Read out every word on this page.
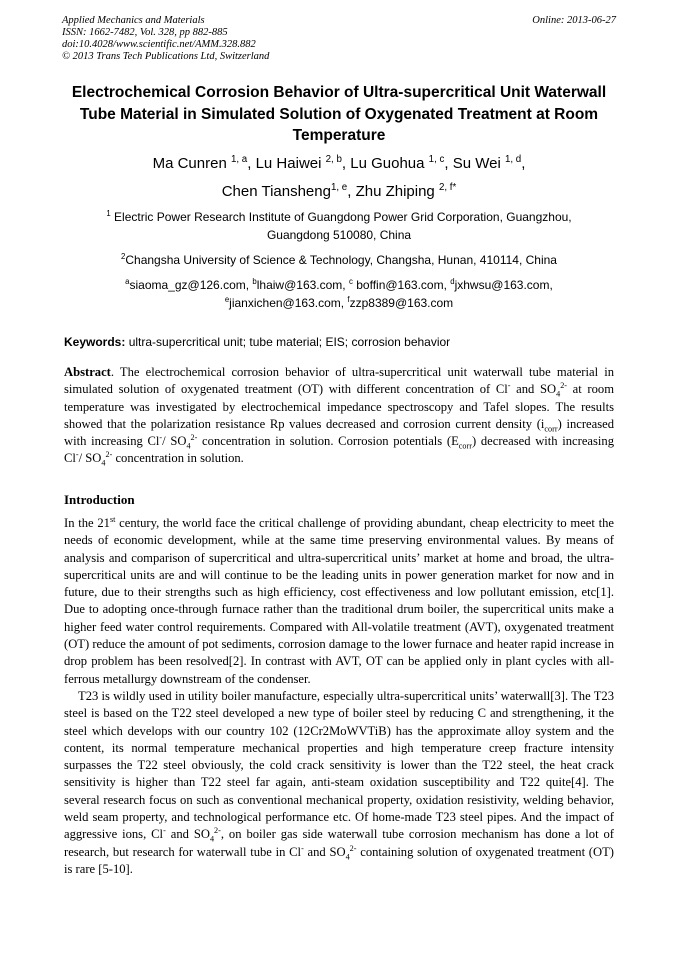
Applied Mechanics and Materials
ISSN: 1662-7482, Vol. 328, pp 882-885
doi:10.4028/www.scientific.net/AMM.328.882
© 2013 Trans Tech Publications Ltd, Switzerland
Online: 2013-06-27
Electrochemical Corrosion Behavior of Ultra-supercritical Unit Waterwall Tube Material in Simulated Solution of Oxygenated Treatment at Room Temperature
Ma Cunren $^{1, a}$, Lu Haiwei $^{2, b}$, Lu Guohua $^{1, c}$, Su Wei $^{1, d}$,
Chen Tiansheng$^{1, e}$, Zhu Zhiping $^{2, f*}$
$^1$ Electric Power Research Institute of Guangdong Power Grid Corporation, Guangzhou,
Guangdong 510080, China
$^2$Changsha University of Science & Technology, Changsha, Hunan, 410114, China
$^a$siaoma_gz@126.com, $^b$lhaiw@163.com, $^c$ boffin@163.com, $^d$jxhwsu@163.com,
$^e$jianxichen@163.com, $^f$zzp8389@163.com
Keywords: ultra-supercritical unit; tube material; EIS; corrosion behavior

Abstract. The electrochemical corrosion behavior of ultra-supercritical unit waterwall tube material in simulated solution of oxygenated treatment (OT) with different concentration of Cl- and $SO_4^{2-}$ at room temperature was investigated by electrochemical impedance spectroscopy and Tafel slopes. The results showed that the polarization resistance Rp values decreased and corrosion current density $(i_{corr})$ increased with increasing Cl-/ $SO_4^{2-}$ concentration in solution. Corrosion potentials $(E_{corr})$ decreased with increasing Cl-/ $SO_4^{2-}$ concentration in solution.

Introduction

In the 21st century, the world face the critical challenge of providing abundant, cheap electricity to meet the needs of economic development, while at the same time preserving environmental values. By means of analysis and comparison of supercritical and ultra-supercritical units’ market at home and broad, the ultra-supercritical units are and will continue to be the leading units in power generation market for now and in future, due to their strengths such as high efficiency, cost effectiveness and low pollutant emission, etc[1]. Due to adopting once-through furnace rather than the traditional drum boiler, the supercritical units make a higher feed water control requirements. Compared with All-volatile treatment (AVT), oxygenated treatment (OT) reduce the amount of pot sediments, corrosion damage to the lower furnace and heater rapid increase in drop problem has been resolved[2]. In contrast with AVT, OT can be applied only in plant cycles with all-ferrous metallurgy downstream of the condenser.

T23 is wildly used in utility boiler manufacture, especially ultra-supercritical units’ waterwall[3]. The T23 steel is based on the T22 steel developed a new type of boiler steel by reducing C and strengthening, it the steel which develops with our country 102 (12Cr2MoWVTiB) has the approximate alloy system and the content, its normal temperature mechanical properties and high temperature creep fracture intensity surpasses the T22 steel obviously, the cold crack sensitivity is lower than the T22 steel, the heat crack sensitivity is higher than T22 steel far again, anti-steam oxidation susceptibility and T22 quite[4]. The several research focus on such as conventional mechanical property, oxidation resistivity, welding behavior, weld seam property, and technological performance etc. Of home-made T23 steel pipes. And the impact of aggressive ions, Cl- and $SO_4^{2-}$, on boiler gas side waterwall tube corrosion mechanism has done a lot of research, but research for waterwall tube in Cl- and $SO_4^{2-}$ containing solution of oxygenated treatment (OT) is rare [5-10].
